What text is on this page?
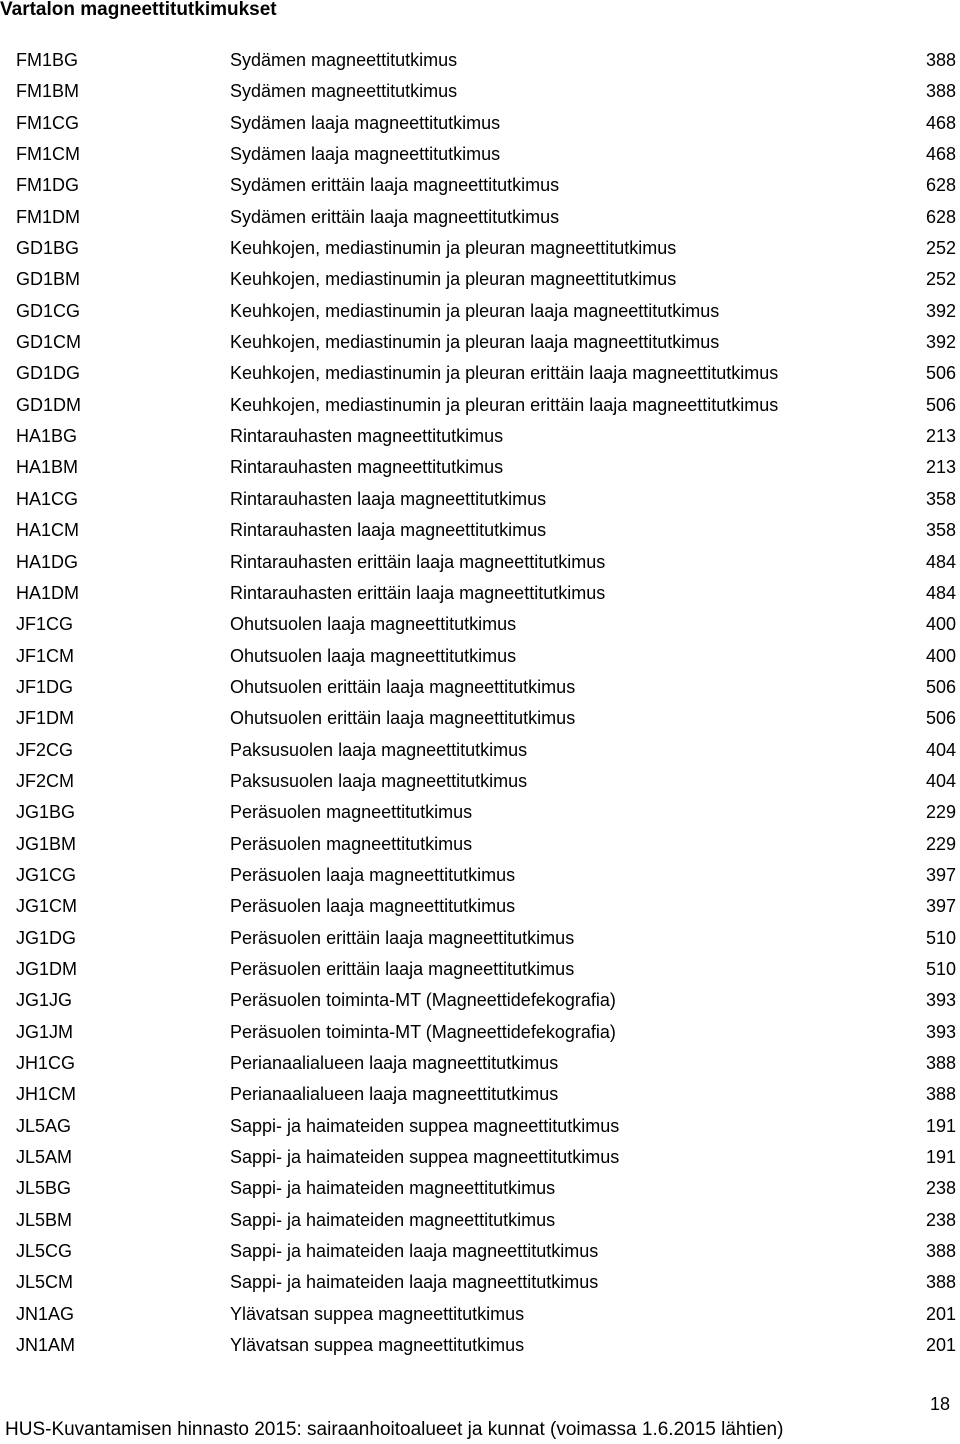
Vartalon magneettitutkimukset
FM1BG	Sydämen magneettitutkimus	388
FM1BM	Sydämen magneettitutkimus	388
FM1CG	Sydämen laaja magneettitutkimus	468
FM1CM	Sydämen laaja magneettitutkimus	468
FM1DG	Sydämen erittäin laaja magneettitutkimus	628
FM1DM	Sydämen erittäin laaja magneettitutkimus	628
GD1BG	Keuhkojen, mediastinumin ja pleuran magneettitutkimus	252
GD1BM	Keuhkojen, mediastinumin ja pleuran magneettitutkimus	252
GD1CG	Keuhkojen, mediastinumin ja pleuran laaja magneettitutkimus	392
GD1CM	Keuhkojen, mediastinumin ja pleuran laaja magneettitutkimus	392
GD1DG	Keuhkojen, mediastinumin ja pleuran erittäin laaja magneettitutkimus	506
GD1DM	Keuhkojen, mediastinumin ja pleuran erittäin laaja magneettitutkimus	506
HA1BG	Rintarauhasten magneettitutkimus	213
HA1BM	Rintarauhasten magneettitutkimus	213
HA1CG	Rintarauhasten laaja magneettitutkimus	358
HA1CM	Rintarauhasten laaja magneettitutkimus	358
HA1DG	Rintarauhasten erittäin laaja magneettitutkimus	484
HA1DM	Rintarauhasten erittäin laaja magneettitutkimus	484
JF1CG	Ohutsuolen laaja magneettitutkimus	400
JF1CM	Ohutsuolen laaja magneettitutkimus	400
JF1DG	Ohutsuolen erittäin laaja magneettitutkimus	506
JF1DM	Ohutsuolen erittäin laaja magneettitutkimus	506
JF2CG	Paksusuolen laaja magneettitutkimus	404
JF2CM	Paksusuolen laaja magneettitutkimus	404
JG1BG	Peräsuolen magneettitutkimus	229
JG1BM	Peräsuolen magneettitutkimus	229
JG1CG	Peräsuolen laaja magneettitutkimus	397
JG1CM	Peräsuolen laaja magneettitutkimus	397
JG1DG	Peräsuolen erittäin laaja magneettitutkimus	510
JG1DM	Peräsuolen erittäin laaja magneettitutkimus	510
JG1JG	Peräsuolen toiminta-MT (Magneettidefekografia)	393
JG1JM	Peräsuolen toiminta-MT (Magneettidefekografia)	393
JH1CG	Perianaalialueen laaja magneettitutkimus	388
JH1CM	Perianaalialueen laaja magneettitutkimus	388
JL5AG	Sappi- ja haimateiden suppea magneettitutkimus	191
JL5AM	Sappi- ja haimateiden suppea magneettitutkimus	191
JL5BG	Sappi- ja haimateiden magneettitutkimus	238
JL5BM	Sappi- ja haimateiden magneettitutkimus	238
JL5CG	Sappi- ja haimateiden laaja magneettitutkimus	388
JL5CM	Sappi- ja haimateiden laaja magneettitutkimus	388
JN1AG	Ylävatsan suppea magneettitutkimus	201
JN1AM	Ylävatsan suppea magneettitutkimus	201
18
HUS-Kuvantamisen hinnasto 2015: sairaanhoitoalueet ja kunnat (voimassa 1.6.2015 lähtien)
